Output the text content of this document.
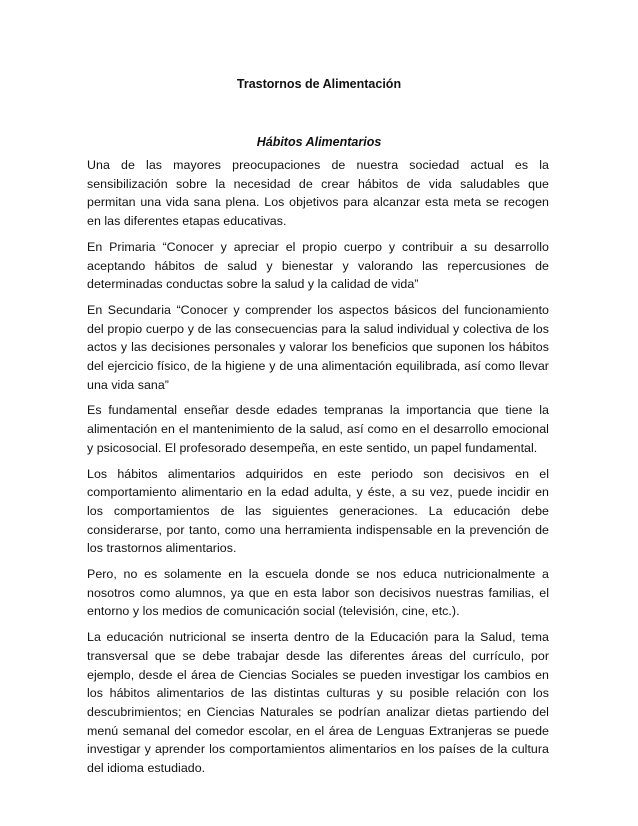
Trastornos de Alimentación
Hábitos Alimentarios

Una de las mayores preocupaciones de nuestra sociedad actual es la sensibilización sobre la necesidad de crear hábitos de vida saludables que permitan una vida sana plena. Los objetivos para alcanzar esta meta se recogen en las diferentes etapas educativas.

En Primaria “Conocer y apreciar el propio cuerpo y contribuir a su desarrollo aceptando hábitos de salud y bienestar y valorando las repercusiones de determinadas conductas sobre la salud y la calidad de vida”

En Secundaria “Conocer y comprender los aspectos básicos del funcionamiento del propio cuerpo y de las consecuencias para la salud individual y colectiva de los actos y las decisiones personales y valorar los beneficios que suponen los hábitos del ejercicio físico, de la higiene y de una alimentación equilibrada, así como llevar una vida sana”

Es fundamental enseñar desde edades tempranas la importancia que tiene la alimentación en el mantenimiento de la salud, así como en el desarrollo emocional y psicosocial. El profesorado desempeña, en este sentido, un papel fundamental.

Los hábitos alimentarios adquiridos en este periodo son decisivos en el comportamiento alimentario en la edad adulta, y éste, a su vez, puede incidir en los comportamientos de las siguientes generaciones. La educación debe considerarse, por tanto, como una herramienta indispensable en la prevención de los trastornos alimentarios.

Pero, no es solamente en la escuela donde se nos educa nutricionalmente a nosotros como alumnos, ya que en esta labor son decisivos nuestras familias, el entorno y los medios de comunicación social (televisión, cine, etc.).

La educación nutricional se inserta dentro de la Educación para la Salud, tema transversal que se debe trabajar desde las diferentes áreas del currículo, por ejemplo, desde el área de Ciencias Sociales se pueden investigar los cambios en los hábitos alimentarios de las distintas culturas y su posible relación con los descubrimientos; en Ciencias Naturales se podrían analizar dietas partiendo del menú semanal del comedor escolar, en el área de Lenguas Extranjeras se puede investigar y aprender los comportamientos alimentarios en los países de la cultura del idioma estudiado.
